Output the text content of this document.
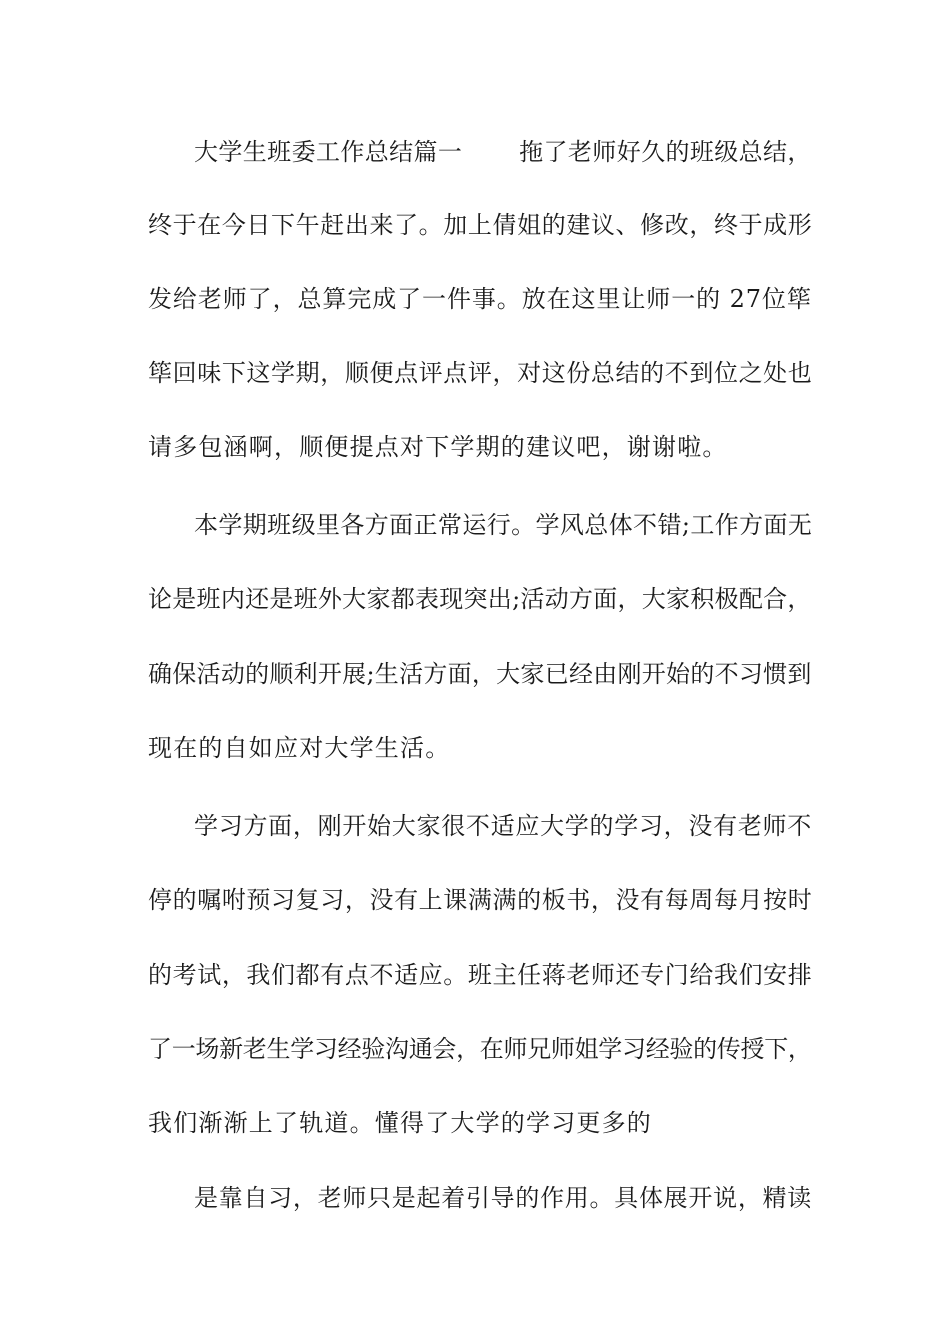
大学生班委工作总结篇一　　 拖了老师好久的班级总结，
终于在今日下午赶出来了。加上倩姐的建议、修改，终于成形
发给老师了，总算完成了一件事。放在这里让师一的 27位筚
筚回味下这学期，顺便点评点评，对这份总结的不到位之处也
请多包涵啊，顺便提点对下学期的建议吧，谢谢啦。
本学期班级里各方面正常运行。学风总体不错;工作方面无
论是班内还是班外大家都表现突出;活动方面，大家积极配合，
确保活动的顺利开展;生活方面，大家已经由刚开始的不习惯到
现在的自如应对大学生活。
学习方面，刚开始大家很不适应大学的学习，没有老师不
停的嘱咐预习复习，没有上课满满的板书，没有每周每月按时
的考试，我们都有点不适应。班主任蒋老师还专门给我们安排
了一场新老生学习经验沟通会，在师兄师姐学习经验的传授下，
我们渐渐上了轨道。懂得了大学的学习更多的
是靠自习，老师只是起着引导的作用。具体展开说，精读
